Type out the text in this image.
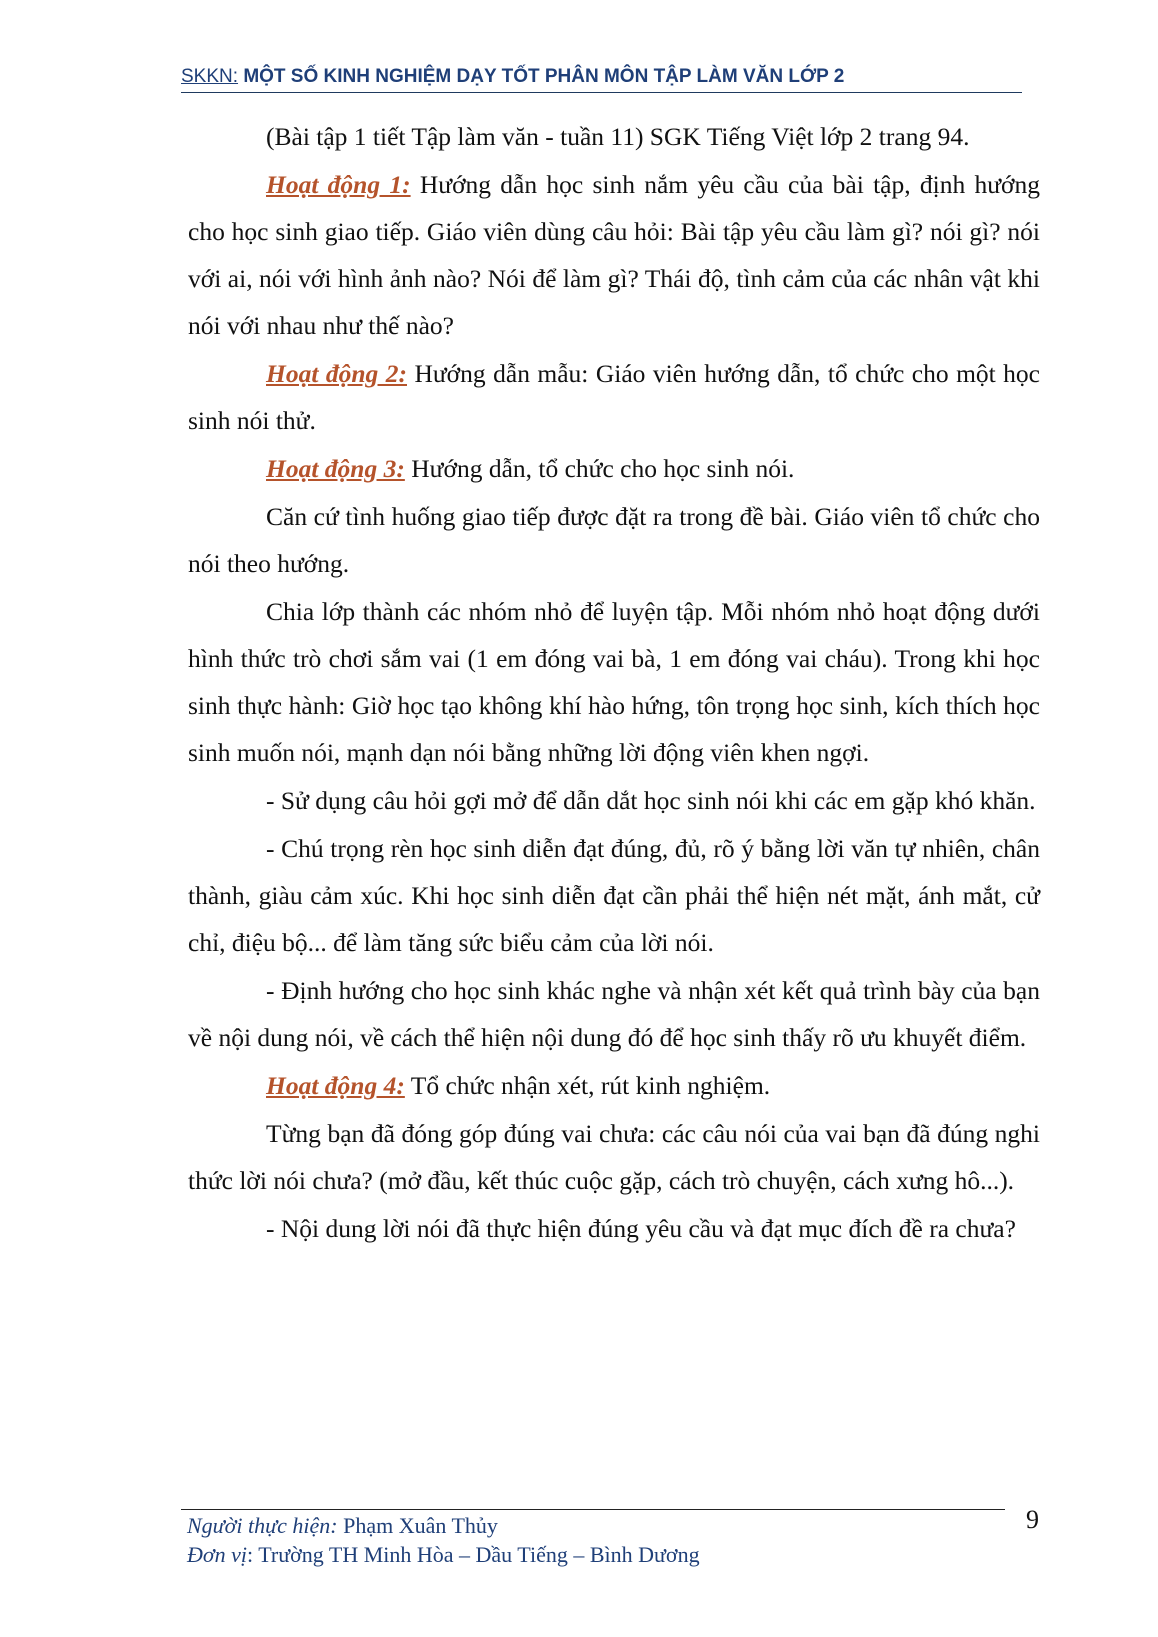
SKKN: MỘT SỐ KINH NGHIỆM DẠY TỐT PHÂN MÔN TẬP LÀM VĂN LỚP 2

(Bài tập 1 tiết Tập làm văn - tuần 11) SGK Tiếng Việt lớp 2 trang 94.

Hoạt động 1: Hướng dẫn học sinh nắm yêu cầu của bài tập, định hướng cho học sinh giao tiếp. Giáo viên dùng câu hỏi: Bài tập yêu cầu làm gì? nói gì? nói với ai, nói với hình ảnh nào? Nói để làm gì? Thái độ, tình cảm của các nhân vật khi nói với nhau như thế nào?

Hoạt động 2: Hướng dẫn mẫu: Giáo viên hướng dẫn, tổ chức cho một học sinh nói thử.

Hoạt động 3: Hướng dẫn, tổ chức cho học sinh nói.

Căn cứ tình huống giao tiếp được đặt ra trong đề bài. Giáo viên tổ chức cho nói theo hướng.

Chia lớp thành các nhóm nhỏ để luyện tập. Mỗi nhóm nhỏ hoạt động dưới hình thức trò chơi sắm vai (1 em đóng vai bà, 1 em đóng vai cháu). Trong khi học sinh thực hành: Giờ học tạo không khí hào hứng, tôn trọng học sinh, kích thích học sinh muốn nói, mạnh dạn nói bằng những lời động viên khen ngợi.

- Sử dụng câu hỏi gợi mở để dẫn dắt học sinh nói khi các em gặp khó khăn.

- Chú trọng rèn học sinh diễn đạt đúng, đủ, rõ ý bằng lời văn tự nhiên, chân thành, giàu cảm xúc. Khi học sinh diễn đạt cần phải thể hiện nét mặt, ánh mắt, cử chỉ, điệu bộ... để làm tăng sức biểu cảm của lời nói.

- Định hướng cho học sinh khác nghe và nhận xét kết quả trình bày của bạn về nội dung nói, về cách thể hiện nội dung đó để học sinh thấy rõ ưu khuyết điểm.

Hoạt động 4: Tổ chức nhận xét, rút kinh nghiệm.

Từng bạn đã đóng góp đúng vai chưa: các câu nói của vai bạn đã đúng nghi thức lời nói chưa? (mở đầu, kết thúc cuộc gặp, cách trò chuyện, cách xưng hô...).

- Nội dung lời nói đã thực hiện đúng yêu cầu và đạt mục đích đề ra chưa?

Người thực hiện: Phạm Xuân Thủy
Đơn vị: Trường TH Minh Hòa – Dầu Tiếng – Bình Dương
9
